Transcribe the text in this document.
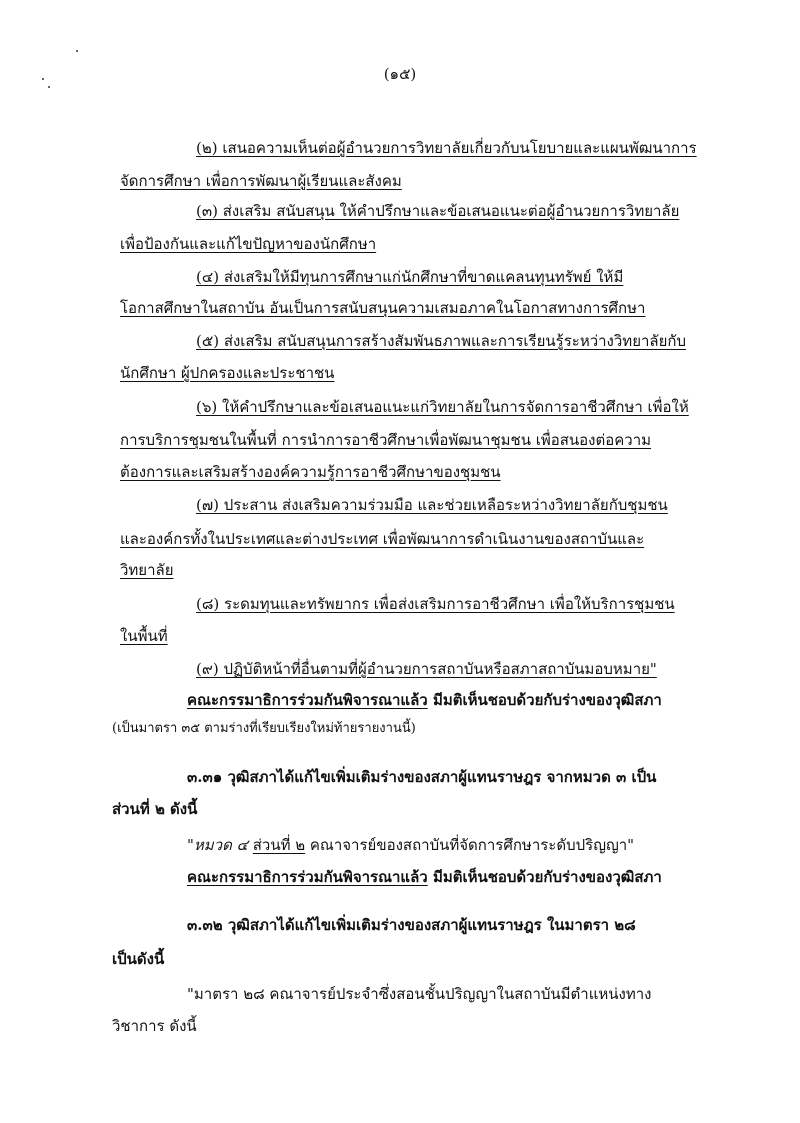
(๑๕)
(๒) เสนอความเห็นต่อผู้อำนวยการวิทยาลัยเกี่ยวกับนโยบายและแผนพัฒนาการ
จัดการศึกษา เพื่อการพัฒนาผู้เรียนและสังคม
(๓) ส่งเสริม สนับสนุน ให้คำปรึกษาและข้อเสนอแนะต่อผู้อำนวยการวิทยาลัย
เพื่อป้องกันและแก้ไขปัญหาของนักศึกษา
(๔) ส่งเสริมให้มีทุนการศึกษาแก่นักศึกษาที่ขาดแคลนทุนทรัพย์ ให้มี
โอกาสศึกษาในสถาบัน อันเป็นการสนับสนุนความเสมอภาคในโอกาสทางการศึกษา
(๕) ส่งเสริม สนับสนุนการสร้างสัมพันธภาพและการเรียนรู้ระหว่างวิทยาลัยกับ
นักศึกษา ผู้ปกครองและประชาชน
(๖) ให้คำปรึกษาและข้อเสนอแนะแก่วิทยาลัยในการจัดการอาชีวศึกษา เพื่อให้
การบริการชุมชนในพื้นที่ การนำการอาชีวศึกษาเพื่อพัฒนาชุมชน เพื่อสนองต่อความ
ต้องการและเสริมสร้างองค์ความรู้การอาชีวศึกษาของชุมชน
(๗) ประสาน ส่งเสริมความร่วมมือ และช่วยเหลือระหว่างวิทยาลัยกับชุมชน
และองค์กรทั้งในประเทศและต่างประเทศ เพื่อพัฒนาการดำเนินงานของสถาบันและ
วิทยาลัย
(๘) ระดมทุนและทรัพยากร เพื่อส่งเสริมการอาชีวศึกษา เพื่อให้บริการชุมชน
ในพื้นที่
(๙) ปฏิบัติหน้าที่อื่นตามที่ผู้อำนวยการสถาบันหรือสภาสถาบันมอบหมาย"
คณะกรรมาธิการร่วมกันพิจารณาแล้ว มีมติเห็นชอบด้วยกับร่างของวุฒิสภา
(เป็นมาตรา ๓๕ ตามร่างที่เรียบเรียงใหม่ท้ายรายงานนี้)
๓.๓๑ วุฒิสภาได้แก้ไขเพิ่มเติมร่างของสภาผู้แทนราษฎร จากหมวด ๓ เป็น
ส่วนที่ ๒ ดังนี้
"หมวด ๔ ส่วนที่ ๒ คณาจารย์ของสถาบันที่จัดการศึกษาระดับปริญญา"
คณะกรรมาธิการร่วมกันพิจารณาแล้ว มีมติเห็นชอบด้วยกับร่างของวุฒิสภา
๓.๓๒ วุฒิสภาได้แก้ไขเพิ่มเติมร่างของสภาผู้แทนราษฎร ในมาตรา ๒๘
เป็นดังนี้
"มาตรา ๒๘ คณาจารย์ประจำซึ่งสอนชั้นปริญญาในสถาบันมีตำแหน่งทาง
วิชาการ ดังนี้
